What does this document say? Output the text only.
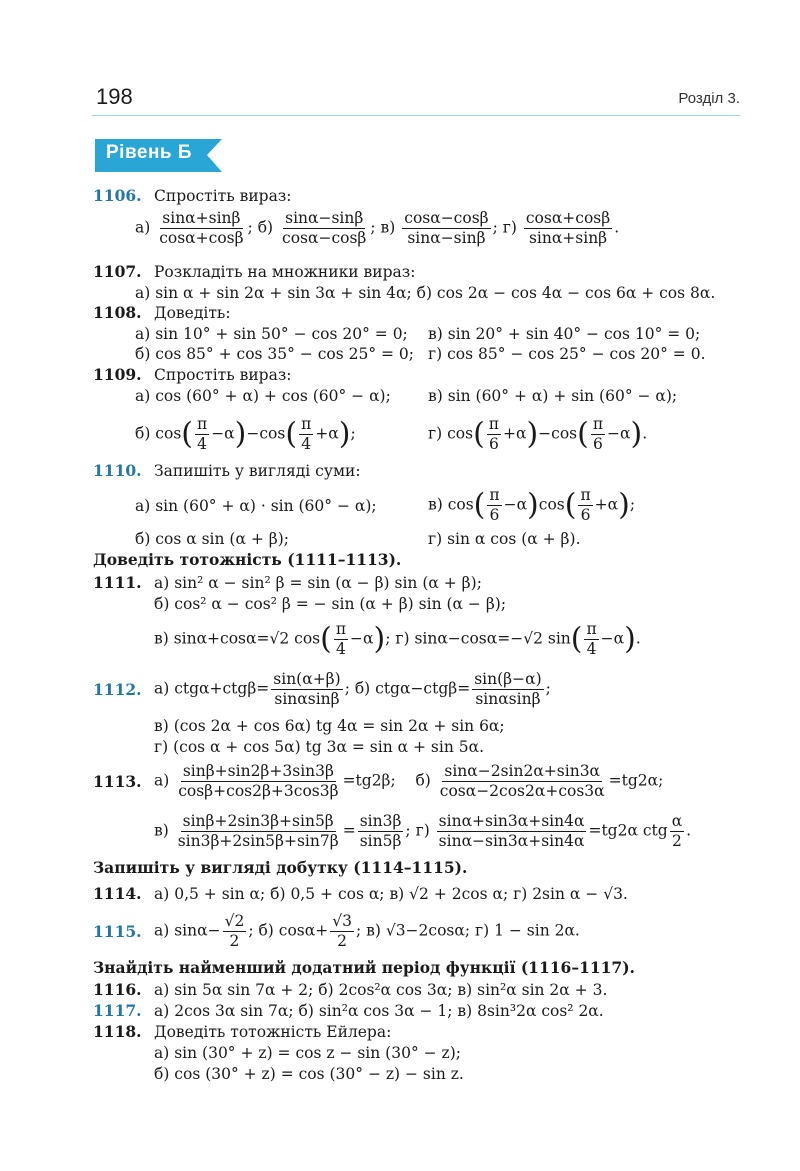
198	Розділ 3.
Рівень Б
1106. Спростіть вираз:
$а) \frac{\sin\alpha+\sin\beta}{\cos\alpha+\cos\beta}$ ; $б) \frac{\sin\alpha-\sin\beta}{\cos\alpha-\cos\beta}$ ; $в) \frac{\cos\alpha-\cos\beta}{\sin\alpha-\sin\beta}$ ; $г) \frac{\cos\alpha+\cos\beta}{\sin\alpha+\sin\beta}$ .
1107. Розкладіть на множники вираз:
а) sin α + sin 2α + sin 3α + sin 4α; б) cos 2α − cos 4α − cos 6α + cos 8α.
1108. Доведіть:
а) sin 10° + sin 50° − cos 20° = 0; в) sin 20° + sin 40° − cos 10° = 0;
б) cos 85° + cos 35° − cos 25° = 0; г) cos 85° − cos 25° − cos 20° = 0.
1109. Спростіть вираз:
а) cos (60° + α) + cos (60° − α); в) sin (60° + α) + sin (60° − α);
б) $\cos( \frac{\pi}{4} -\alpha)-\cos( \frac{\pi}{4} +\alpha)$;	г) $\cos( \frac{\pi}{6} +\alpha)-\cos( \frac{\pi}{6} -\alpha)$.
1110. Запишіть у вигляді суми:
а) sin (60° + α) · sin (60° − α);	в) $\cos( \frac{\pi}{6} -\alpha)\cos( \frac{\pi}{6} +\alpha)$;
б) cos α sin (α + β);	г) sin α cos (α + β).
Доведіть тотожність (1111–1113).
1111. а) sin² α − sin² β = sin (α − β) sin (α + β);
б) cos² α − cos² β = − sin (α + β) sin (α − β);
в) sinα+cosα=√2 $\cos( \frac{\pi}{4} -\alpha)$; г) sinα−cosα=−√2 $\sin( \frac{\pi}{4} -\alpha)$.
1112. а) $ctg\alpha+ctg\beta= \frac{\sin(\alpha+\beta)}{\sin\alpha\sin\beta}$ ; б) $ctg\alpha-ctg\beta= \frac{\sin(\beta-\alpha)}{\sin\alpha\sin\beta}$ ;
в) (cos 2α + cos 6α) tg 4α = sin 2α + sin 6α;
г) (cos α + cos 5α) tg 3α = sin α + sin 5α.
1113. $а) \frac{\sin\beta+\sin 2\beta+3\sin 3\beta}{\cos\beta+\cos 2\beta+3\cos 3\beta} =tg2\beta$;    $б) \frac{\sin\alpha-2\sin 2\alpha+\sin 3\alpha}{\cos\alpha-2\cos 2\alpha+\cos 3\alpha} =tg2\alpha$;
$в) \frac{\sin\beta+2\sin 3\beta+\sin 5\beta}{\sin 3\beta+2\sin 5\beta+\sin 7\beta} = \frac{\sin 3\beta}{\sin 5\beta}$ ; $г) \frac{\sin\alpha+\sin 3\alpha+\sin 4\alpha}{\sin\alpha-\sin 3\alpha+\sin 4\alpha} =tg2\alpha$ ctg $\frac{\alpha}{2}$ .
Запишіть у вигляді добутку (1114–1115).
1114. а) 0,5 + sin α; б) 0,5 + cos α; в) √2 + 2cos α; г) 2sin α − √3.
1115. а) $\sin\alpha- \frac{√2}{2}$ ; б) $\cos\alpha+ \frac{√3}{2}$ ; в) √3−2cosα; г) 1 − sin 2α.
Знайдіть найменший додатний період функції (1116–1117).
1116. а) sin 5α sin 7α + 2; б) 2cos²α cos 3α; в) sin²α sin 2α + 3.
1117. а) 2cos 3α sin 7α; б) sin²α cos 3α − 1; в) 8sin³2α cos² 2α.
1118. Доведіть тотожність Ейлера:
а) sin (30° + z) = cos z − sin (30° − z);
б) cos (30° + z) = cos (30° − z) − sin z.
